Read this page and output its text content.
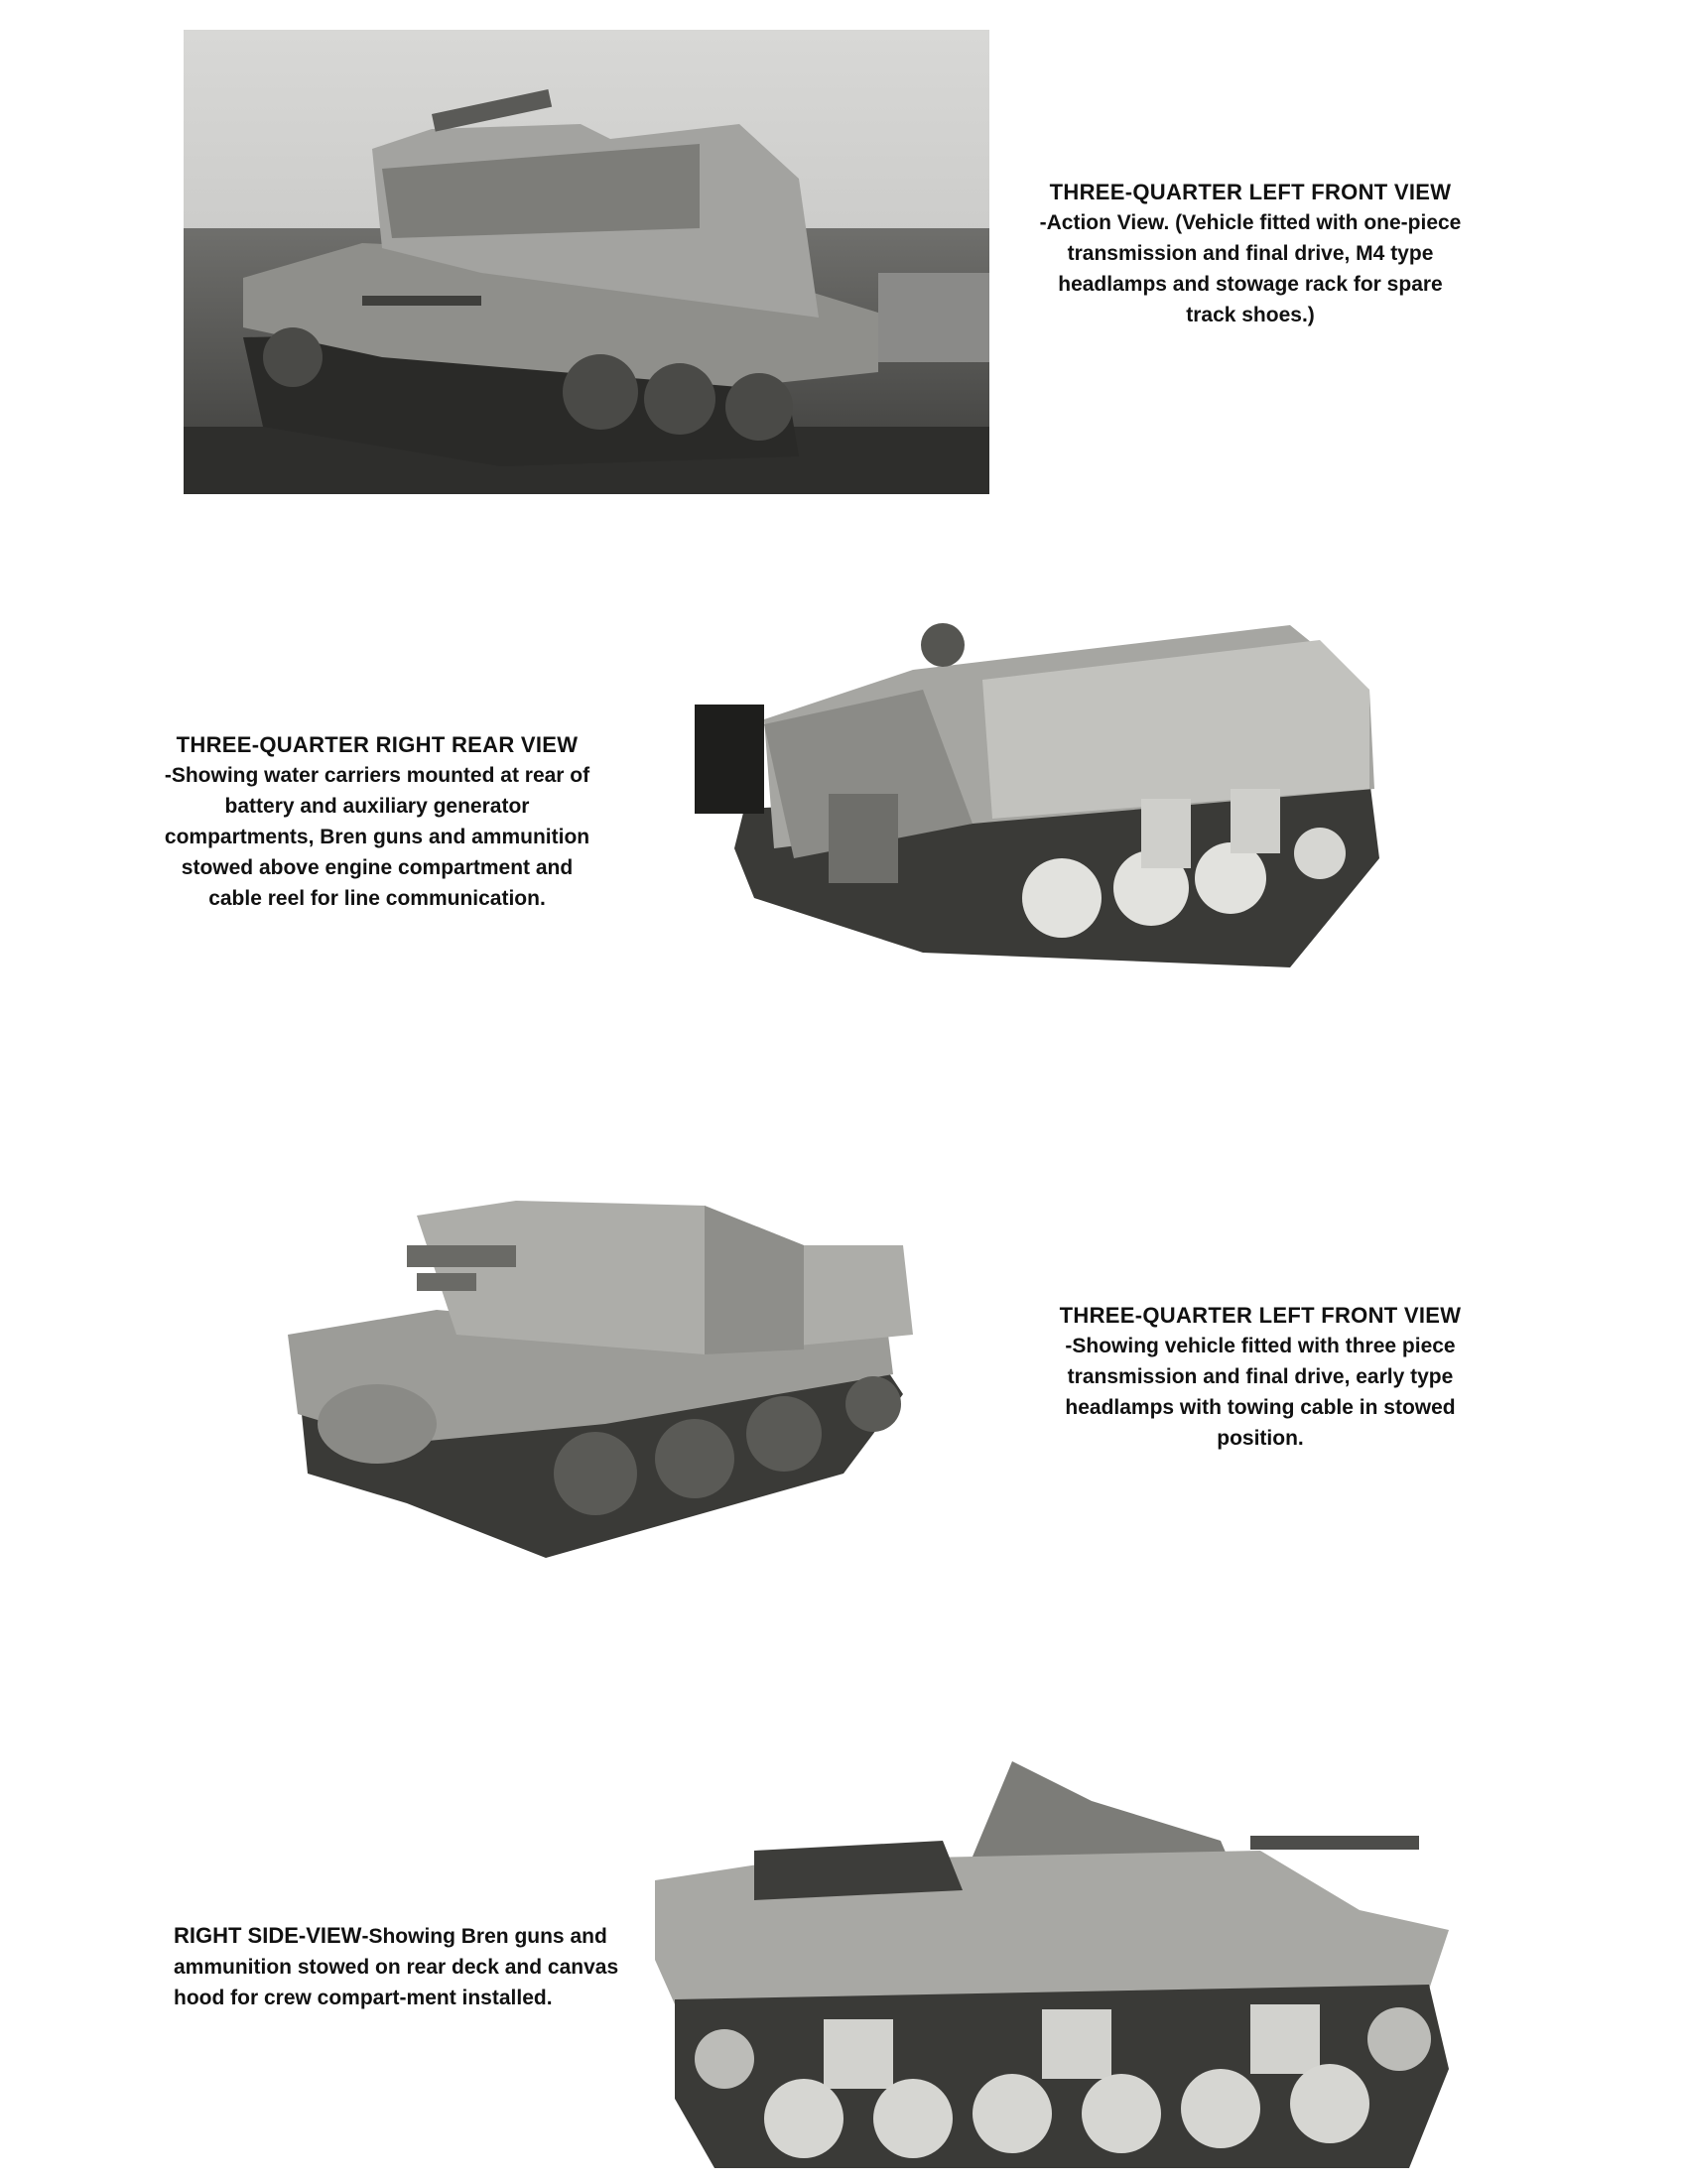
THREE-QUARTER LEFT FRONT VIEW
-Action View. (Vehicle fitted with one-piece transmission and final drive, M4 type headlamps and stowage rack for spare track shoes.)
THREE-QUARTER RIGHT REAR VIEW
-Showing water carriers mounted at rear of battery and auxiliary generator compartments, Bren guns and ammunition stowed above engine compartment and cable reel for line communication.
THREE-QUARTER LEFT FRONT VIEW
-Showing vehicle fitted with three piece transmission and final drive, early type headlamps with towing cable in stowed position.
RIGHT SIDE-VIEW-Showing Bren guns and ammunition stowed on rear deck and canvas hood for crew compart-ment installed.
